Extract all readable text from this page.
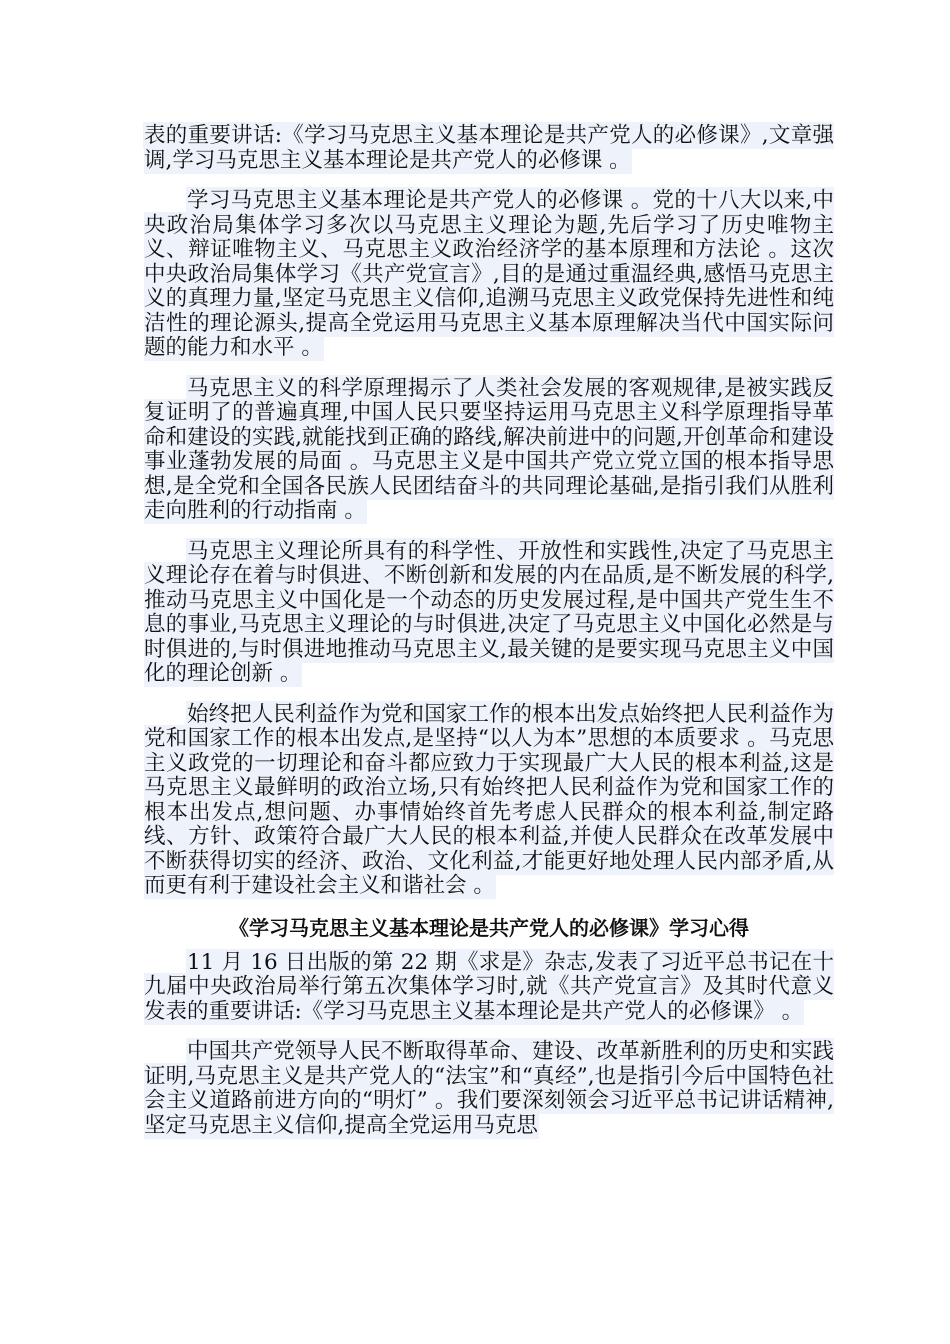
表的重要讲话:《学习马克思主义基本理论是共产党人的必修课》,文章强调,学习马克思主义基本理论是共产党人的必修课 。

学习马克思主义基本理论是共产党人的必修课 。党的十八大以来,中央政治局集体学习多次以马克思主义理论为题,先后学习了历史唯物主义、辩证唯物主义、马克思主义政治经济学的基本原理和方法论 。这次中央政治局集体学习《共产党宣言》,目的是通过重温经典,感悟马克思主义的真理力量,坚定马克思主义信仰,追溯马克思主义政党保持先进性和纯洁性的理论源头,提高全党运用马克思主义基本原理解决当代中国实际问题的能力和水平 。

马克思主义的科学原理揭示了人类社会发展的客观规律,是被实践反复证明了的普遍真理,中国人民只要坚持运用马克思主义科学原理指导革命和建设的实践,就能找到正确的路线,解决前进中的问题,开创革命和建设事业蓬勃发展的局面 。马克思主义是中国共产党立党立国的根本指导思想,是全党和全国各民族人民团结奋斗的共同理论基础,是指引我们从胜利走向胜利的行动指南 。

马克思主义理论所具有的科学性、开放性和实践性,决定了马克思主义理论存在着与时俱进、不断创新和发展的内在品质,是不断发展的科学,推动马克思主义中国化是一个动态的历史发展过程,是中国共产党生生不息的事业,马克思主义理论的与时俱进,决定了马克思主义中国化必然是与时俱进的,与时俱进地推动马克思主义,最关键的是要实现马克思主义中国化的理论创新 。

始终把人民利益作为党和国家工作的根本出发点始终把人民利益作为党和国家工作的根本出发点,是坚持“以人为本”思想的本质要求 。马克思主义政党的一切理论和奋斗都应致力于实现最广大人民的根本利益,这是马克思主义最鲜明的政治立场,只有始终把人民利益作为党和国家工作的根本出发点,想问题、办事情始终首先考虑人民群众的根本利益,制定路线、方针、政策符合最广大人民的根本利益,并使人民群众在改革发展中不断获得切实的经济、政治、文化利益,才能更好地处理人民内部矛盾,从而更有利于建设社会主义和谐社会 。

《学习马克思主义基本理论是共产党人的必修课》学习心得

11 月 16 日出版的第 22 期《求是》杂志,发表了习近平总书记在十九届中央政治局举行第五次集体学习时,就《共产党宣言》及其时代意义发表的重要讲话:《学习马克思主义基本理论是共产党人的必修课》 。

中国共产党领导人民不断取得革命、建设、改革新胜利的历史和实践证明,马克思主义是共产党人的“法宝”和“真经”,也是指引今后中国特色社会主义道路前进方向的“明灯” 。我们要深刻领会习近平总书记讲话精神,坚定马克思主义信仰,提高全党运用马克思
